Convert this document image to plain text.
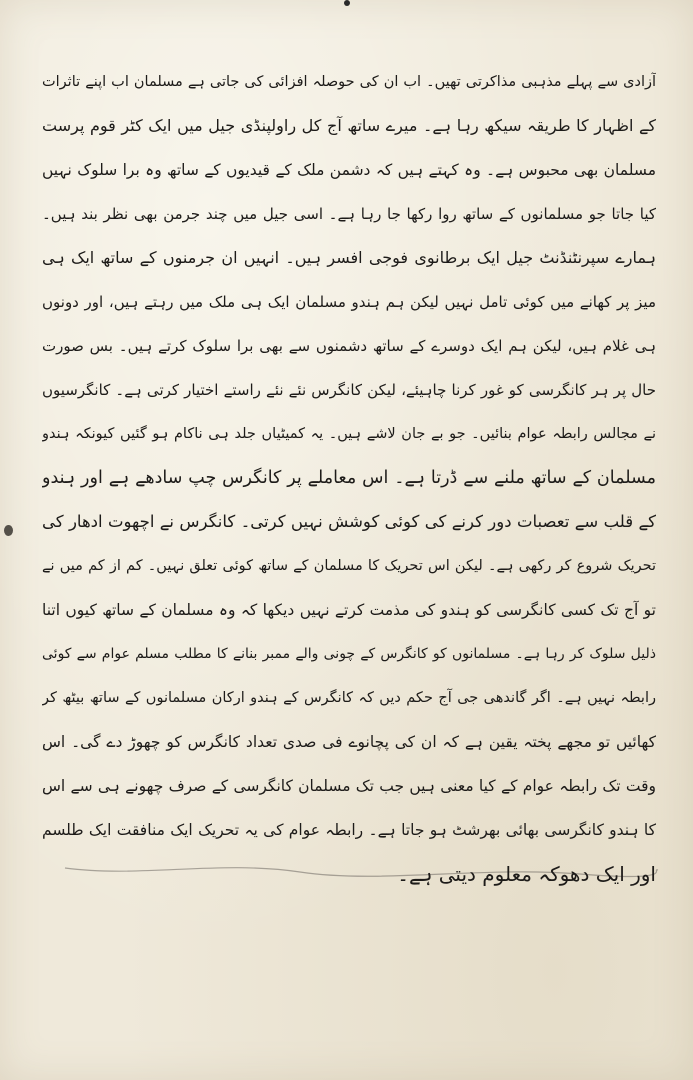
آزادی سے پہلے مذہبی مذاکرتی تھیں۔ اب ان کی حوصلہ افزائی کی جاتی ہے مسلمان اب اپنے تاثرات
کے اظہار کا طریقہ سیکھ رہا ہے۔ میرے ساتھ آج کل راولپنڈی جیل میں ایک کٹر قوم پرست
مسلمان بھی محبوس ہے۔ وہ کہتے ہیں کہ دشمن ملک کے قیدیوں کے ساتھ وہ برا سلوک نہیں
کیا جاتا جو مسلمانوں کے ساتھ روا رکھا جا رہا ہے۔ اسی جیل میں چند جرمن بھی نظر بند ہیں۔
ہمارے سپرنٹنڈنٹ جیل ایک برطانوی فوجی افسر ہیں۔ انہیں ان جرمنوں کے ساتھ ایک ہی
میز پر کھانے میں کوئی تامل نہیں لیکن ہم ہندو مسلمان ایک ہی ملک میں رہتے ہیں، اور دونوں
ہی غلام ہیں، لیکن ہم ایک دوسرے کے ساتھ دشمنوں سے بھی برا سلوک کرتے ہیں۔ بس صورت
حال پر ہر کانگرسی کو غور کرنا چاہیئے، لیکن کانگرس نئے نئے راستے اختیار کرتی ہے۔ کانگرسیوں
نے مجالس رابطہ عوام بنائیں۔ جو بے جان لاشے ہیں۔ یہ کمیٹیاں جلد ہی ناکام ہو گئیں کیونکہ ہندو
مسلمان کے ساتھ ملنے سے ڈرتا ہے۔ اس معاملے پر کانگرس چپ سادھے ہے اور ہندو
کے قلب سے تعصبات دور کرنے کی کوئی کوشش نہیں کرتی۔ کانگرس نے اچھوت ادھار کی
تحریک شروع کر رکھی ہے۔ لیکن اس تحریک کا مسلمان کے ساتھ کوئی تعلق نہیں۔ کم از کم میں نے
تو آج تک کسی کانگرسی کو ہندو کی مذمت کرتے نہیں دیکھا کہ وہ مسلمان کے ساتھ کیوں اتنا
ذلیل سلوک کر رہا ہے۔ مسلمانوں کو کانگرس کے چونی والے ممبر بنانے کا مطلب مسلم عوام سے کوئی
رابطہ نہیں ہے۔ اگر گاندھی جی آج حکم دیں کہ کانگرس کے ہندو ارکان مسلمانوں کے ساتھ بیٹھ کر
کھائیں تو مجھے پختہ یقین ہے کہ ان کی پچانوے فی صدی تعداد کانگرس کو چھوڑ دے گی۔ اس
وقت تک رابطہ عوام کے کیا معنی ہیں جب تک مسلمان کانگرسی کے صرف چھونے ہی سے اس
کا ہندو کانگرسی بھائی بھرشٹ ہو جاتا ہے۔ رابطہ عوام کی یہ تحریک ایک منافقت ایک طلسم
اور ایک دھوکہ معلوم دیتی ہے۔
